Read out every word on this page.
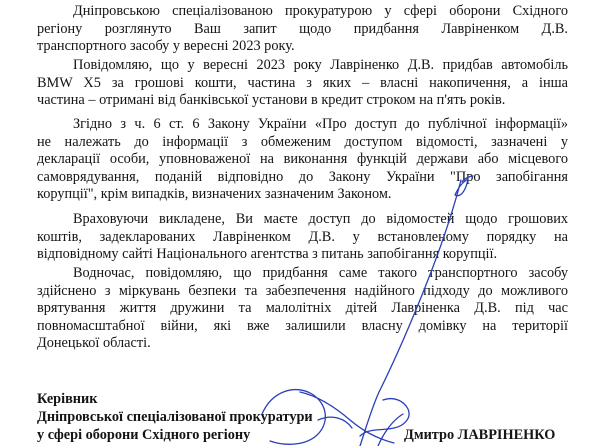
Дніпровською спеціалізованою прокуратурою у сфері оборони Східного
регіону розглянуто Ваш запит щодо придбання Лавріненком Д.В.
транспортного засобу у вересні 2023 року.
Повідомляю, що у вересні 2023 року Лавріненко Д.В. придбав автомобіль
BMW X5 за грошові кошти, частина з яких – власні накопичення, а інша
частина – отримані від банківської установи в кредит строком на п'ять років.
Згідно з ч. 6 ст. 6 Закону України «Про доступ до публічної інформації»
не належать до інформації з обмеженим доступом відомості, зазначені у
декларації особи, уповноваженої на виконання функцій держави або місцевого
самоврядування, поданій відповідно до Закону України "Про запобігання
корупції", крім випадків, визначених зазначеним Законом.
Враховуючи викладене, Ви маєте доступ до відомостей щодо грошових
коштів, задекларованих Лавріненком Д.В. у встановленому порядку на
відповідному сайті Національного агентства з питань запобігання корупції.
Водночас, повідомляю, що придбання саме такого транспортного засобу
здійснено з міркувань безпеки та забезпечення надійного підходу до можливого
врятування життя дружини та малолітніх дітей Лавріненка Д.В. під час
повномасштабної війни, які вже залишили власну домівку на території
Донецької області.
Керівник
Дніпровської спеціалізованої прокуратури
у сфері оборони Східного регіону	Дмитро ЛАВРІНЕНКО
